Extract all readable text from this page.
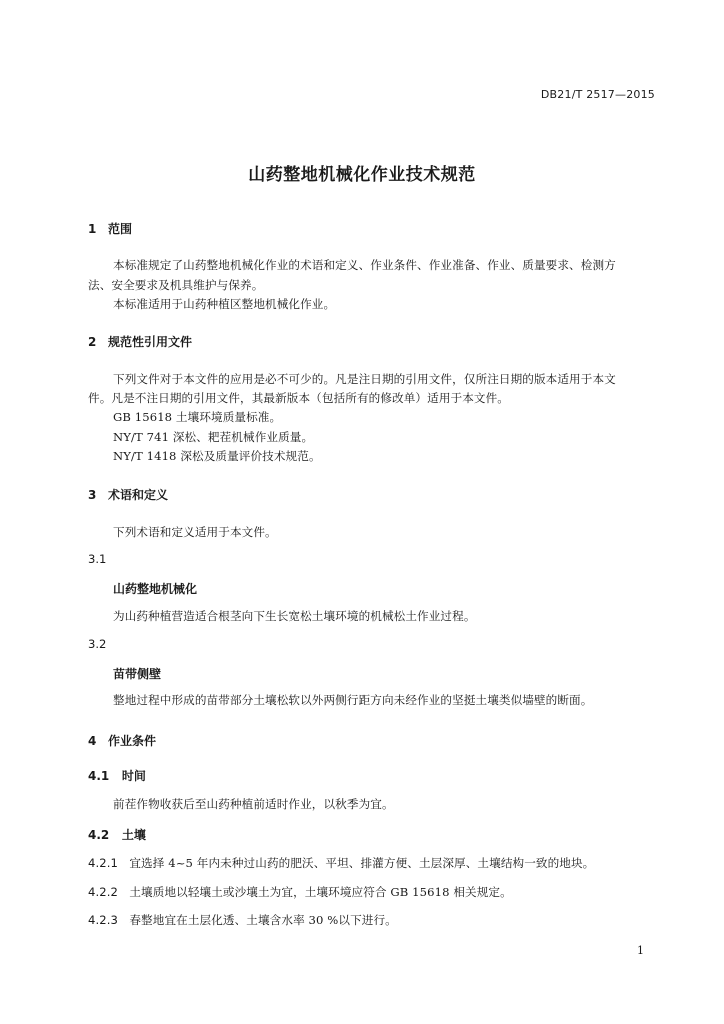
DB21/T 2517—2015
山药整地机械化作业技术规范
1 范围
本标准规定了山药整地机械化作业的术语和定义、作业条件、作业准备、作业、质量要求、检测方
法、安全要求及机具维护与保养。
本标准适用于山药种植区整地机械化作业。
2 规范性引用文件
下列文件对于本文件的应用是必不可少的。凡是注日期的引用文件，仅所注日期的版本适用于本文
件。凡是不注日期的引用文件，其最新版本（包括所有的修改单）适用于本文件。
GB 15618 土壤环境质量标准。
NY/T 741 深松、耙茬机械作业质量。
NY/T 1418 深松及质量评价技术规范。
3 术语和定义
下列术语和定义适用于本文件。
3.1
山药整地机械化
为山药种植营造适合根茎向下生长宽松土壤环境的机械松土作业过程。
3.2
苗带侧壁
整地过程中形成的苗带部分土壤松软以外两侧行距方向未经作业的坚挺土壤类似墙壁的断面。
4 作业条件
4.1 时间
前茬作物收获后至山药种植前适时作业，以秋季为宜。
4.2 土壤
4.2.1 宜选择 4~5 年内未种过山药的肥沃、平坦、排灌方便、土层深厚、土壤结构一致的地块。
4.2.2 土壤质地以轻壤土或沙壤土为宜，土壤环境应符合 GB 15618 相关规定。
4.2.3 春整地宜在土层化透、土壤含水率 30 %以下进行。
1
